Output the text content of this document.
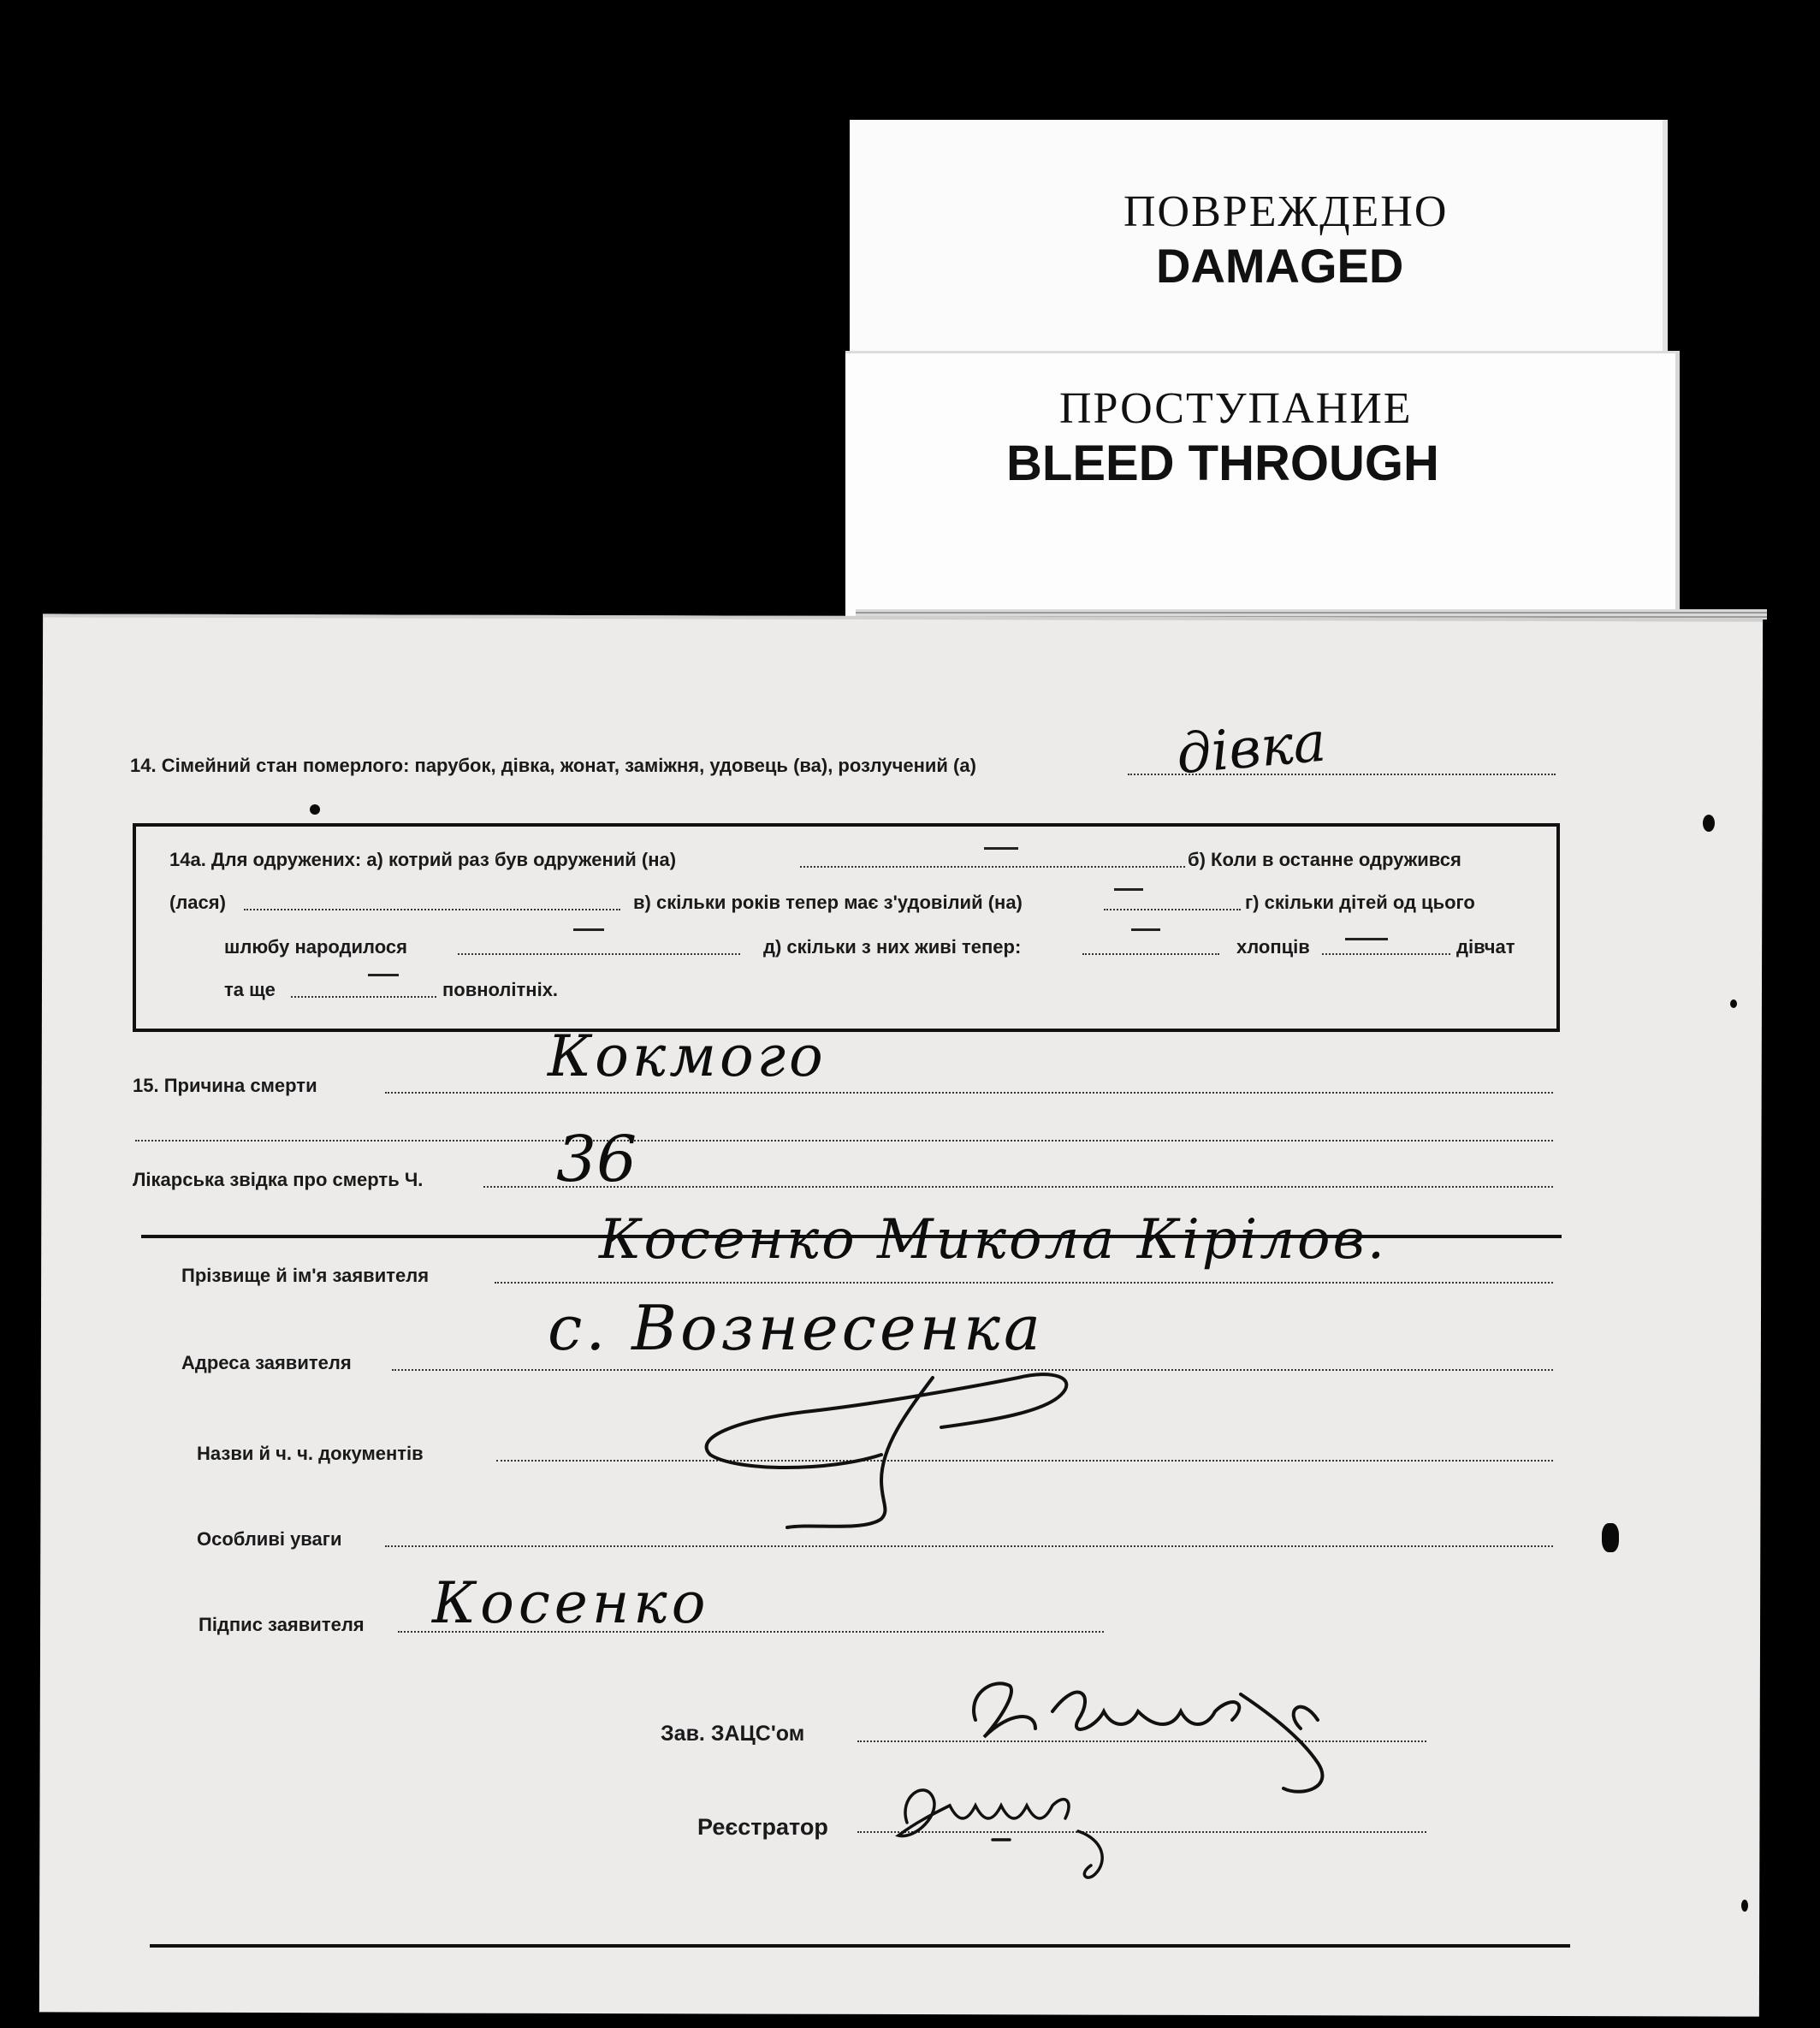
ПОВРЕЖДЕНО
DAMAGED
ПРОСТУПАНИЕ
BLEED THROUGH
14. Сімейний стан померлого: парубок, дівка, жонат, заміжня, удовець (ва), розлучений (а)	дівка
14а. Для одружених: а) котрий раз був одружений (на)	б) Коли в останне одружився
(лася)	в) скільки років тепер має з'удовілий (на)	г) скільки дітей од цього
шлюбу народилося	д) скільки з них живі тепер:	хлопців	дівчат
та ще	повнолітніх.
15. Причина смерти	Кокмого
Лікарська звідка про смерть Ч. 36
Прізвище й ім'я заявителя
Косенко Микола Кірілов.
Адреса заявителя	с. Вознесенка
Назви й ч. ч. документів
Особливі уваги
Підпис заявителя Косенко
Зав. ЗАЦС'ом
Реєстратор
